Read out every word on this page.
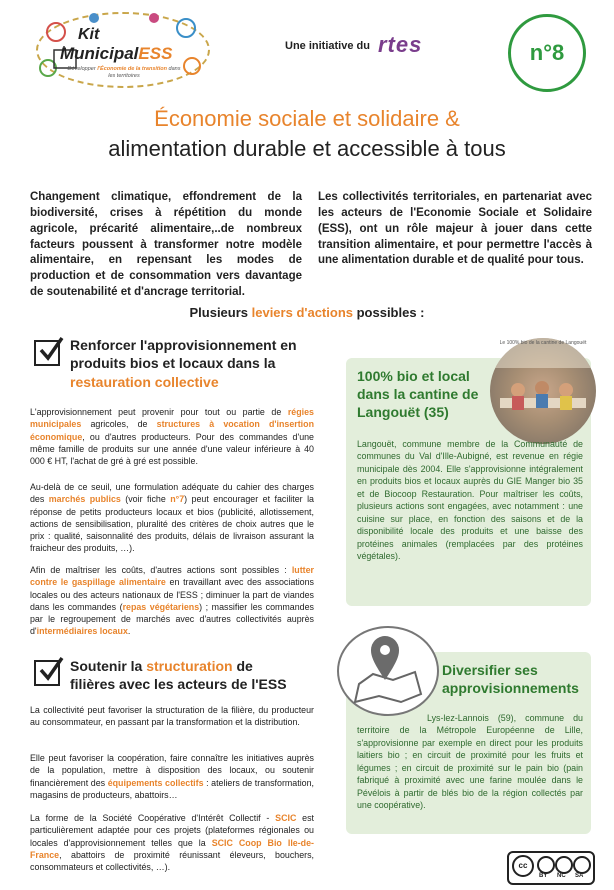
Kit
MunicipalESS
Développer l'Économie de la transition dans les territoires
Une initiative du rtes	n°8
Économie sociale et solidaire &
alimentation durable et accessible à tous
Changement climatique, effondrement de la biodiversité, crises à répétition du monde agricole, précarité alimentaire,..de nombreux facteurs poussent à transformer notre modèle alimentaire, en repensant les modes de production et de consommation vers davantage de soutenabilité et d'ancrage territorial.
Les collectivités territoriales, en partenariat avec les acteurs de l'Economie Sociale et Solidaire (ESS), ont un rôle majeur à jouer dans cette transition alimentaire, et pour permettre l'accès à une alimentation durable et de qualité pour tous.
Plusieurs leviers d'actions possibles :
Renforcer l'approvisionnement en produits bios et locaux dans la restauration collective
L'approvisionnement peut provenir pour tout ou partie de régies municipales agricoles, de structures à vocation d'insertion économique, ou d'autres producteurs. Pour des commandes d'une même famille de produits sur une année d'une valeur inférieure à 40 000 € HT, l'achat de gré à gré est possible.
Au-delà de ce seuil, une formulation adéquate du cahier des charges des marchés publics (voir fiche n°7) peut encourager et faciliter la réponse de petits producteurs locaux et bios (publicité, allotissement, actions de sensibilisation, pluralité des critères de choix autres que le prix : qualité, saisonnalité des produits, délais de livraison assurant la fraicheur des produits, …).
Afin de maîtriser les coûts, d'autres actions sont possibles : lutter contre le gaspillage alimentaire en travaillant avec des associations locales ou des acteurs nationaux de l'ESS ; diminuer la part de viandes dans les commandes (repas végétariens) ; massifier les commandes par le regroupement de marchés avec d'autres collectivités auprès d'intermédiaires locaux.
Soutenir la structuration de filières avec les acteurs de l'ESS
La collectivité peut favoriser la structuration de la filière, du producteur au consommateur, en passant par la transformation et la distribution.
Elle peut favoriser la coopération, faire connaître les initiatives auprès de la population, mettre à disposition des locaux, ou soutenir financièrement des équipements collectifs : ateliers de transformation, magasins de producteurs, abattoirs…
La forme de la Société Coopérative d'Intérêt Collectif - SCIC est particulièrement adaptée pour ces projets (plateformes régionales ou locales d'approvisionnement telles que la SCIC Coop Bio Ile-de-France, abattoirs de proximité réunissant éleveurs, bouchers, consommateurs et collectivités, …).
Le 100% bio de la cantine de Langouët
100% bio et local dans la cantine de Langouët (35)
Langouët, commune membre de la Communauté de communes du Val d'Ille-Aubigné, est revenue en régie municipale dès 2004. Elle s'approvisionne intégralement en produits bios et locaux auprès du GIE Manger bio 35 et de Biocoop Restauration. Pour maîtriser les coûts, plusieurs actions sont engagées, avec notamment : une cuisine sur place, en fonction des saisons et de la disponibilité locale des produits et une baisse des protéines animales (remplacées par des protéines végétales).
Diversifier ses approvisionnements
Lys-lez-Lannois (59), commune du territoire de la Métropole Européenne de Lille, s'approvisionne par exemple en direct pour les produits laitiers bio ; en circuit de proximité pour les fruits et légumes ; en circuit de proximité sur le pain bio (pain fabriqué à proximité avec une farine moulée dans le Pévélois à partir de blés bio de la région collectés par une coopérative).
cc
BY NC SA
